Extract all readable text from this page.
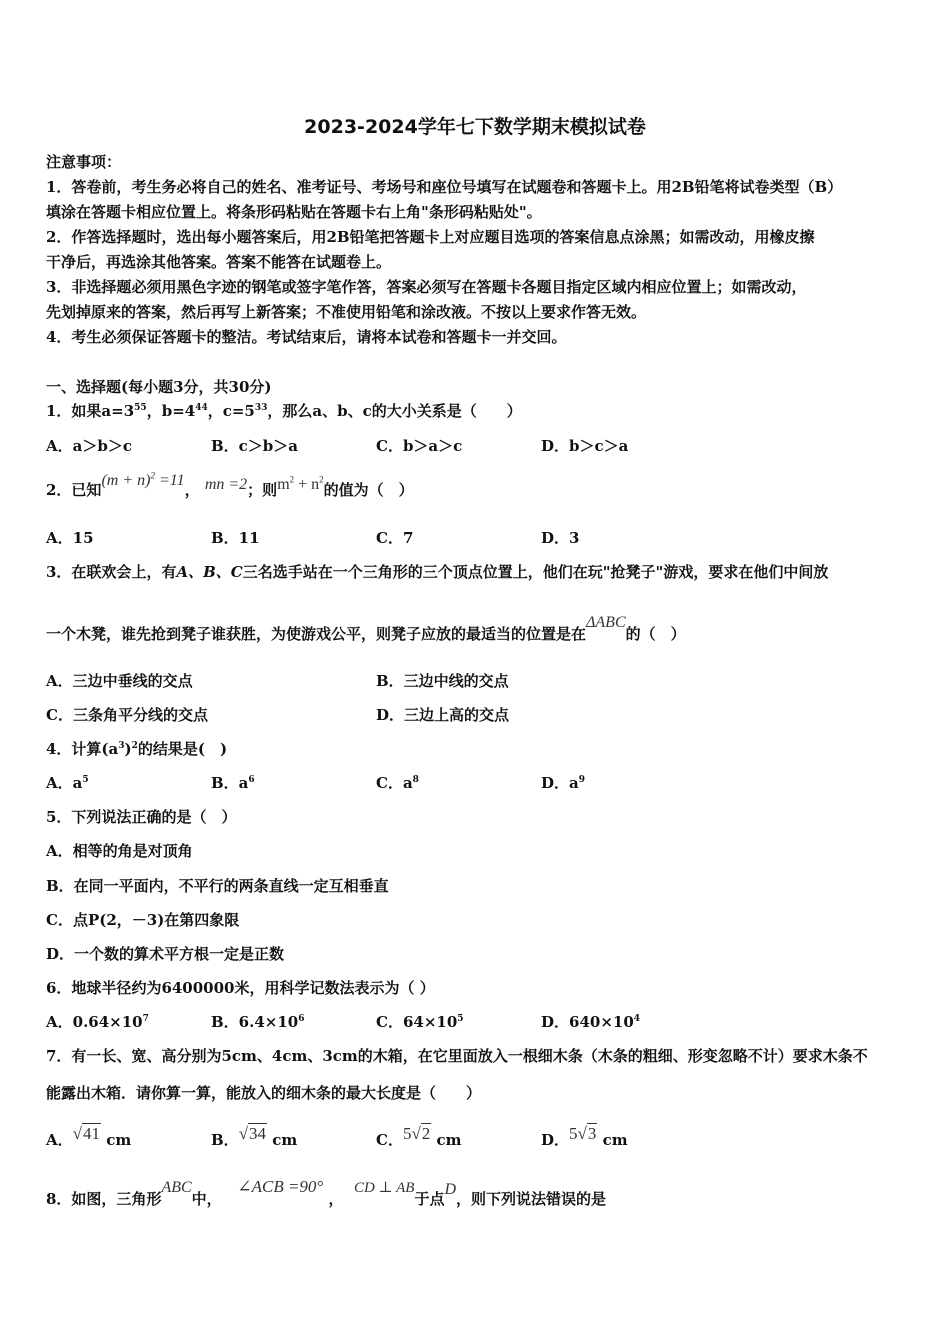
2023-2024学年七下数学期末模拟试卷
注意事项：
1．答卷前，考生务必将自己的姓名、准考证号、考场号和座位号填写在试题卷和答题卡上。用2B铅笔将试卷类型（B）
填涂在答题卡相应位置上。将条形码粘贴在答题卡右上角"条形码粘贴处"。
2．作答选择题时，选出每小题答案后，用2B铅笔把答题卡上对应题目选项的答案信息点涂黑；如需改动，用橡皮擦
干净后，再选涂其他答案。答案不能答在试题卷上。
3．非选择题必须用黑色字迹的钢笔或签字笔作答，答案必须写在答题卡各题目指定区域内相应位置上；如需改动，
先划掉原来的答案，然后再写上新答案；不准使用铅笔和涂改液。不按以上要求作答无效。
4．考生必须保证答题卡的整洁。考试结束后，请将本试卷和答题卡一并交回。
一、选择题(每小题3分，共30分)
1．如果$a=3^{55}$，$b=4^{44}$，$c=5^{33}$，那么a、b、c的大小关系是（　　）
A．a＞b＞c	B．c＞b＞a	C．b＞a＞c	D．b＞c＞a
2．已知$(m + n)^2 =11$， mn =2；则$m^2 + n^2$的值为（　）
A．15	B．11	C．7	D．3
3．在联欢会上，有A、B、C三名选手站在一个三角形的三个顶点位置上，他们在玩"抢凳子"游戏，要求在他们中间放
一个木凳，谁先抢到凳子谁获胜，为使游戏公平，则凳子应放的最适当的位置是在ΔABC的（　）
A．三边中垂线的交点	B．三边中线的交点
C．三条角平分线的交点	D．三边上高的交点
4．计算$(a^3)^2$的结果是(　)
A．$a^5$	B．$a^6$	C．$a^8$	D．$a^9$
5．下列说法正确的是（　）
A．相等的角是对顶角
B．在同一平面内，不平行的两条直线一定互相垂直
C．点P(2，－3)在第四象限
D．一个数的算术平方根一定是正数
6．地球半径约为6400000米，用科学记数法表示为（ ）
A．$0.64\times 10^7$	B．$6.4\times 10^6$	C．$64\times 10^5$	D．$640\times 10^4$
7．有一长、宽、高分别为5cm、4cm、3cm的木箱，在它里面放入一根细木条（木条的粗细、形变忽略不计）要求木条不
能露出木箱．请你算一算，能放入的细木条的最大长度是（　　）
A．√41 cm	B．√34 cm	C．5√2 cm	D．5√3 cm
8．如图，三角形ABC中，   ∠ACB =90° ，  CD ⊥ AB于点D，则下列说法错误的是
